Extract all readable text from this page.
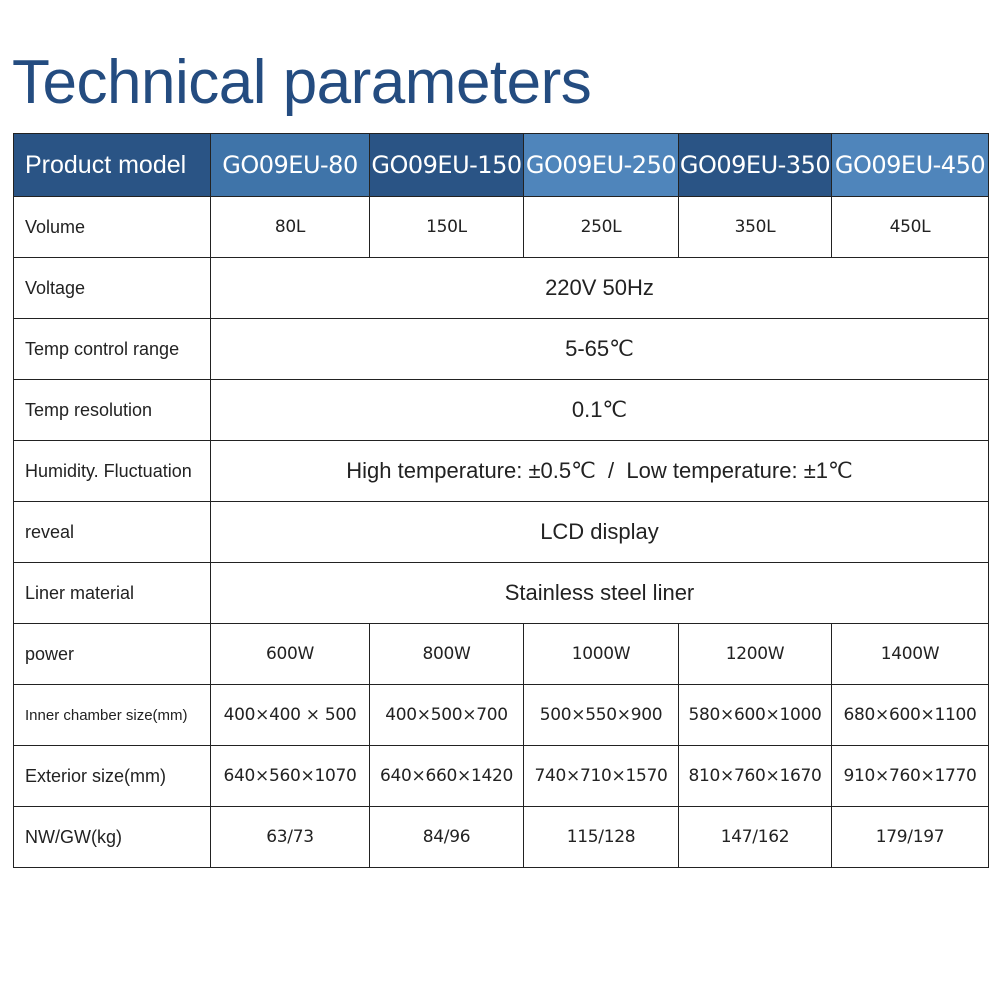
Technical parameters
Product model	GO09EU-80	GO09EU-150	GO09EU-250	GO09EU-350	GO09EU-450
Volume	80L	150L	250L	350L	450L
Voltage	220V 50Hz				
Temp control range	5-65℃				
Temp resolution	0.1℃				
Humidity. Fluctuation	High temperature: ±0.5℃  /  Low temperature: ±1℃				
reveal	LCD display				
Liner material	Stainless steel liner				
power	600W	800W	1000W	1200W	1400W
Inner chamber size(mm)	400×400 × 500	400×500×700	500×550×900	580×600×1000	680×600×1100
Exterior size(mm)	640×560×1070	640×660×1420	740×710×1570	810×760×1670	910×760×1770
NW/GW(kg)	63/73	84/96	115/128	147/162	179/197
